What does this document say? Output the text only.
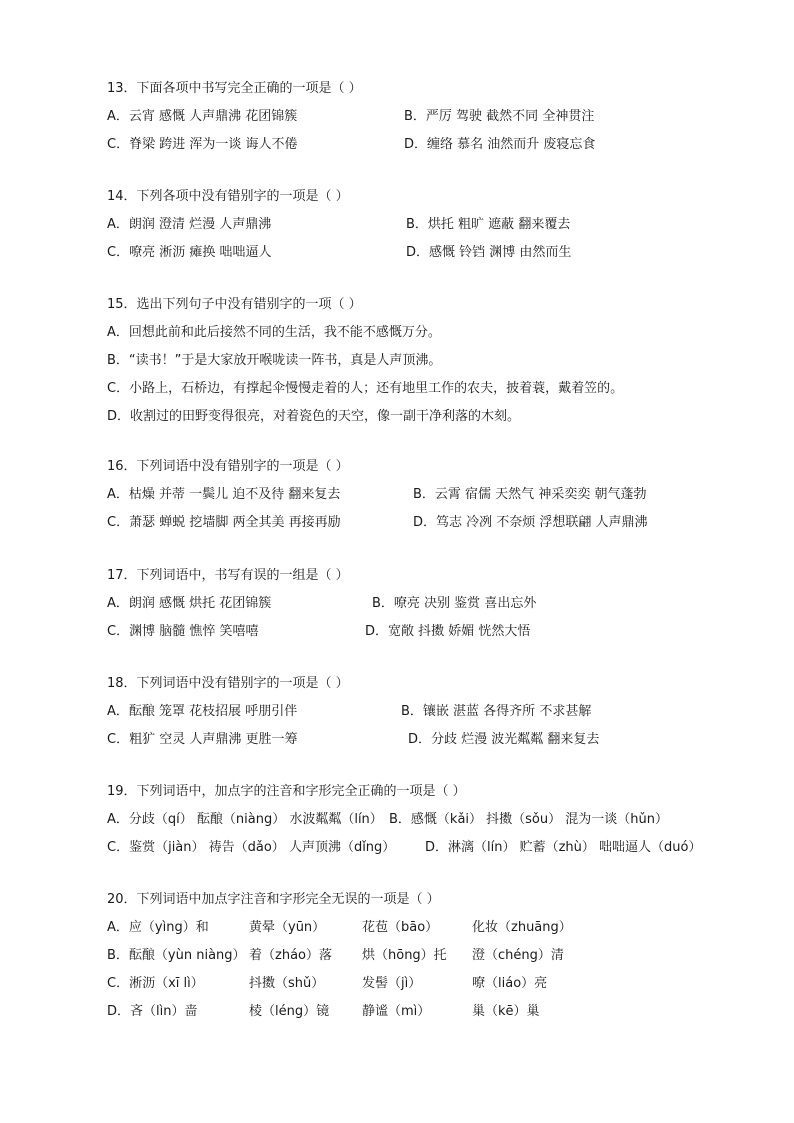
13．下面各项中书写完全正确的一项是（ ）
A．云宵 感慨 人声鼎沸 花团锦簇	B．严厉 驾驶 截然不同 全神贯注
C．脊梁 跨进 浑为一谈 诲人不倦	D．缠络 慕名 油然而升 废寝忘食
14．下列各项中没有错别字的一项是（ ）
A．朗润 澄清 烂漫 人声鼎沸	B．烘托 粗旷 遮蔽 翻来覆去
C．嘹亮 淅沥 瘫换 咄咄逼人	D．感慨 铃铛 渊博 由然而生
15．选出下列句子中没有错别字的一项（ ）
A．回想此前和此后接然不同的生活，我不能不感慨万分。
B．“读书！”于是大家放开喉咙读一阵书，真是人声顶沸。
C．小路上，石桥边，有撑起伞慢慢走着的人；还有地里工作的农夫，披着蓑，戴着笠的。
D．收割过的田野变得很亮，对着瓷色的天空，像一副干净利落的木刻。
16．下列词语中没有错别字的一项是（ ）
A．枯燥 并蒂 一鬓儿 迫不及待 翻来复去	B．云霄 宿儒 天然气 神采奕奕 朝气蓬勃
C．萧瑟 蝉蜕 挖墙脚 两全其美 再接再励	D．笃志 冷冽 不奈烦 浮想联翩 人声鼎沸
17．下列词语中，书写有误的一组是（ ）
A．朗润 感慨 烘托 花团锦簇	B．嘹亮 决别 鉴赏 喜出忘外
C．渊博 脑髓 憔悴 笑嘻嘻	D．宽敞 抖擞 娇媚 恍然大悟
18．下列词语中没有错别字的一项是（ ）
A．酝酿 笼罩 花枝招展 呼朋引伴	B．镶嵌 湛蓝 各得齐所 不求甚解
C．粗犷 空灵 人声鼎沸 更胜一筹	D．分歧 烂漫 波光粼粼 翻来复去
19．下列词语中，加点字的注音和字形完全正确的一项是（ ）
A．分歧（qí） 酝酿（niàng） 水波粼粼（lín） B．感慨（kǎi） 抖擞（sǒu） 混为一谈（hǔn）
C．鉴赏（jiàn） 祷告（dǎo） 人声顶沸（dǐng） D．淋漓（lín） 贮蓄（zhù） 咄咄逼人（duó）
20．下列词语中加点字注音和字形完全无误的一项是（ ）
A．应（yìng）和	黄晕（yūn）	花苞（bāo）	化妆（zhuāng）
B．酝酿（yùn niàng） 着（zháo）落 烘（hōng）托 澄（chéng）清
C．淅沥（xī lì）	抖擞（shǔ）	发髻（jì）	嘹（liáo）亮
D．吝（lìn）啬	棱（léng）镜	静谧（mì）	巢（kē）巢
